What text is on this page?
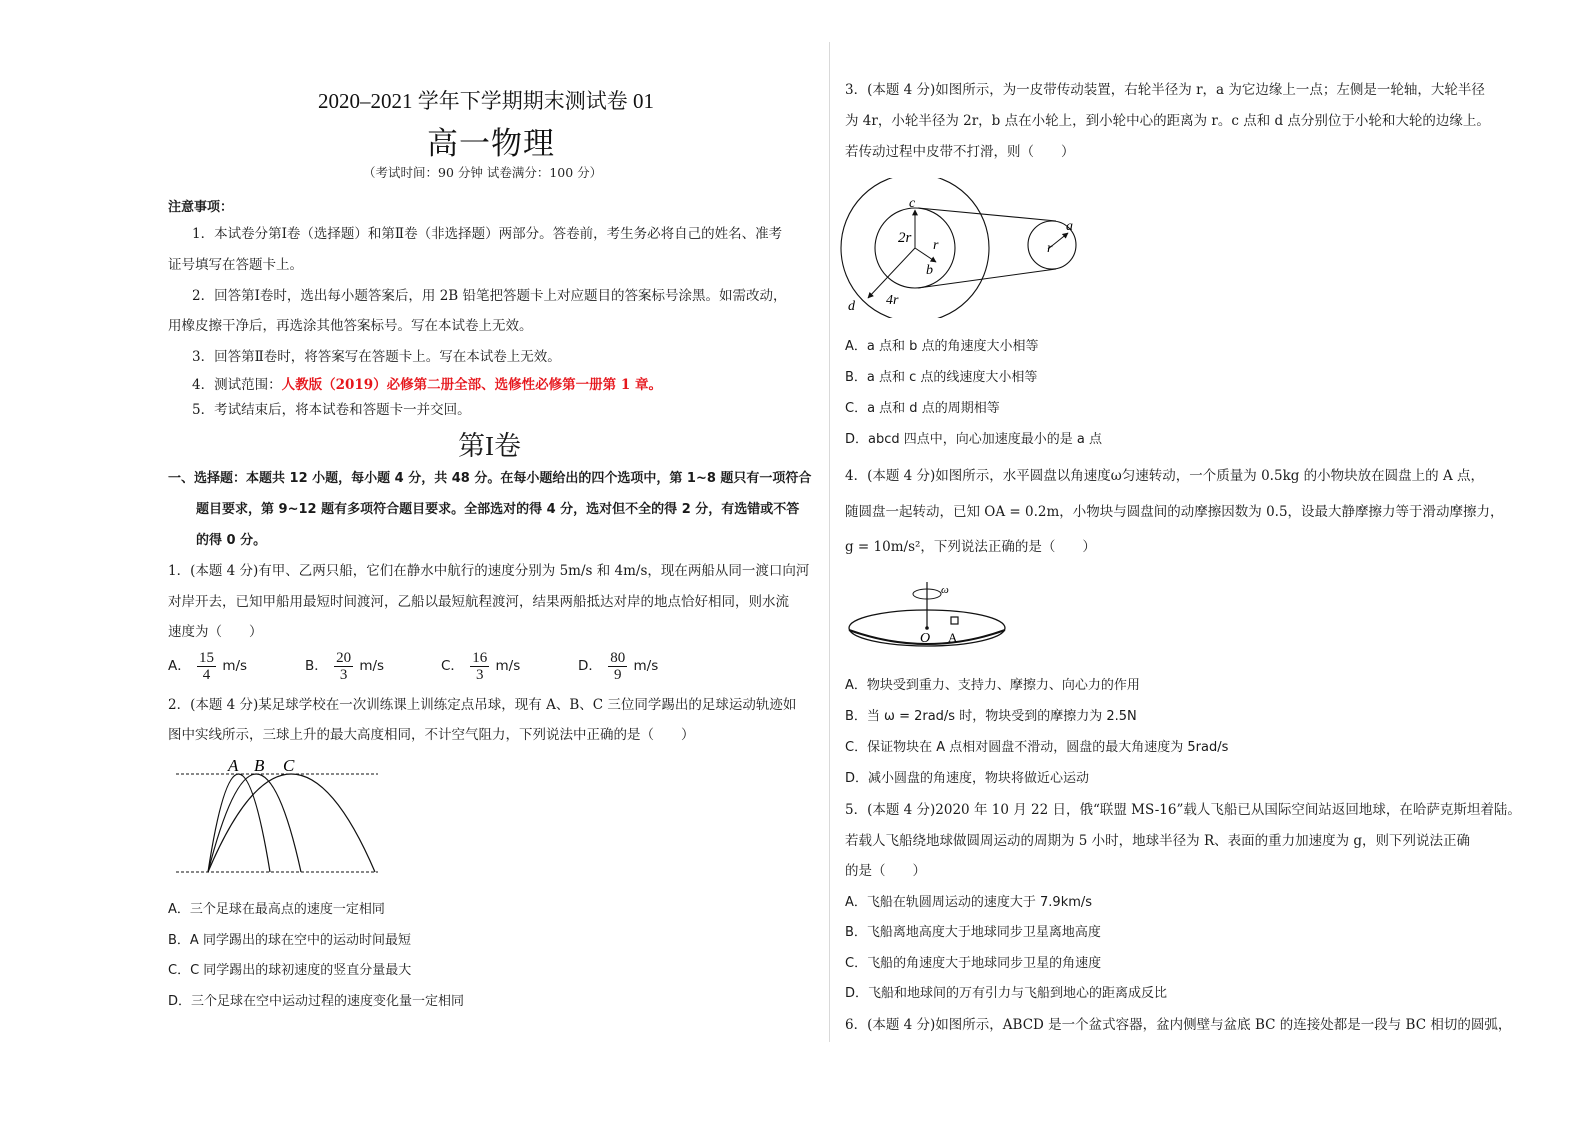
2020–2021 学年下学期期末测试卷 01
高一物理
（考试时间：90 分钟 试卷满分：100 分）
注意事项：
1．本试卷分第Ⅰ卷（选择题）和第Ⅱ卷（非选择题）两部分。答卷前，考生务必将自己的姓名、准考
证号填写在答题卡上。
2．回答第Ⅰ卷时，选出每小题答案后，用 2B 铅笔把答题卡上对应题目的答案标号涂黑。如需改动，
用橡皮擦干净后，再选涂其他答案标号。写在本试卷上无效。
3．回答第Ⅱ卷时，将答案写在答题卡上。写在本试卷上无效。
4．测试范围：人教版（2019）必修第二册全部、选修性必修第一册第 1 章。
5．考试结束后，将本试卷和答题卡一并交回。
第I卷
一、选择题：本题共 12 小题，每小题 4 分，共 48 分。在每小题给出的四个选项中，第 1~8 题只有一项符合
题目要求，第 9~12 题有多项符合题目要求。全部选对的得 4 分，选对但不全的得 2 分，有选错或不答
的得 0 分。
1．(本题 4 分)有甲、乙两只船，它们在静水中航行的速度分别为 5m/s 和 4m/s，现在两船从同一渡口向河
对岸开去，已知甲船用最短时间渡河，乙船以最短航程渡河，结果两船抵达对岸的地点恰好相同，则水流
速度为（　　）
A． $\frac{15}{4} m/s$	B． $\frac{20}{3} m/s$	C． $\frac{16}{3} m/s$	D． $\frac{80}{9} m/s$
2．(本题 4 分)某足球学校在一次训练课上训练定点吊球，现有 A、B、C 三位同学踢出的足球运动轨迹如
图中实线所示，三球上升的最大高度相同，不计空气阻力，下列说法中正确的是（　　）
A B C
A．三个足球在最高点的速度一定相同
B．A 同学踢出的球在空中的运动时间最短
C．C 同学踢出的球初速度的竖直分量最大
D．三个足球在空中运动过程的速度变化量一定相同
3．(本题 4 分)如图所示，为一皮带传动装置，右轮半径为 r，a 为它边缘上一点；左侧是一轮轴，大轮半径
为 4r，小轮半径为 2r，b 点在小轮上，到小轮中心的距离为 r。c 点和 d 点分别位于小轮和大轮的边缘上。
若传动过程中皮带不打滑，则（　　）
c
2r r
b
4r
d
a
r
A．a 点和 b 点的角速度大小相等
B．a 点和 c 点的线速度大小相等
C．a 点和 d 点的周期相等
D．abcd 四点中，向心加速度最小的是 a 点
4．(本题 4 分)如图所示，水平圆盘以角速度ω匀速转动，一个质量为 0.5kg 的小物块放在圆盘上的 A 点，
随圆盘一起转动，已知 OA = 0.2m，小物块与圆盘间的动摩擦因数为 0.5，设最大静摩擦力等于滑动摩擦力，
g = 10m/s²，下列说法正确的是（　　）
ω
O A
A．物块受到重力、支持力、摩擦力、向心力的作用
B．当 ω = 2rad/s 时，物块受到的摩擦力为 2.5N
C．保证物块在 A 点相对圆盘不滑动，圆盘的最大角速度为 5rad/s
D．减小圆盘的角速度，物块将做近心运动
5．(本题 4 分)2020 年 10 月 22 日，俄“联盟 MS-16”载人飞船已从国际空间站返回地球，在哈萨克斯坦着陆。
若载人飞船绕地球做圆周运动的周期为 5 小时，地球半径为 R、表面的重力加速度为 g，则下列说法正确
的是（　　）
A．飞船在轨圆周运动的速度大于 7.9km/s
B．飞船离地高度大于地球同步卫星离地高度
C．飞船的角速度大于地球同步卫星的角速度
D．飞船和地球间的万有引力与飞船到地心的距离成反比
6．(本题 4 分)如图所示，ABCD 是一个盆式容器，盆内侧壁与盆底 BC 的连接处都是一段与 BC 相切的圆弧，
